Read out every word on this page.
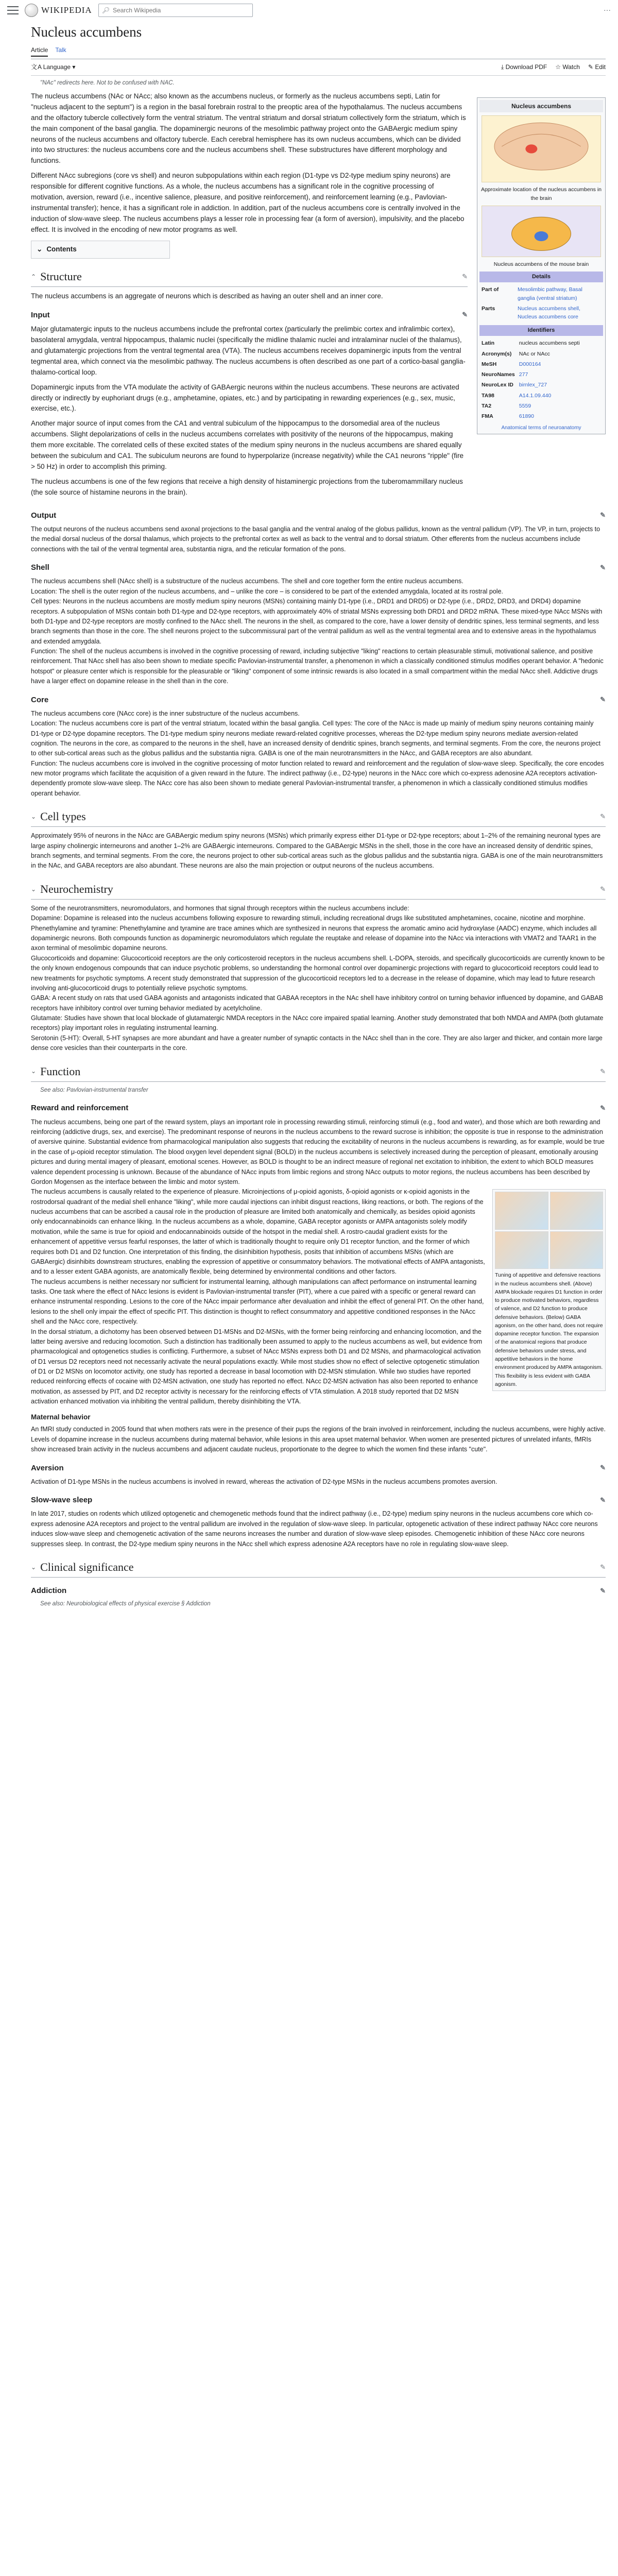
WIKIPEDIA 🔎︎
Search Wikipedia	···
Nucleus accumbens
Article Talk
文 A Language ▾	⤓ Download PDF ☆ Watch ✎ Edit
"NAc" redirects here. Not to be confused with NAC.

The nucleus accumbens (NAc or NAcc; also known as the accumbens nucleus, or formerly as the nucleus accumbens septi, Latin for "nucleus adjacent to the septum") is a region in the basal forebrain rostral to the preoptic area of the hypothalamus. The nucleus accumbens and the olfactory tubercle collectively form the ventral striatum. The ventral striatum and dorsal striatum collectively form the striatum, which is the main component of the basal ganglia. The dopaminergic neurons of the mesolimbic pathway project onto the GABAergic medium spiny neurons of the nucleus accumbens and olfactory tubercle. Each cerebral hemisphere has its own nucleus accumbens, which can be divided into two structures: the nucleus accumbens core and the nucleus accumbens shell. These substructures have different morphology and functions.

Different NAcc subregions (core vs shell) and neuron subpopulations within each region (D1-type vs D2-type medium spiny neurons) are responsible for different cognitive functions. As a whole, the nucleus accumbens has a significant role in the cognitive processing of motivation, aversion, reward (i.e., incentive salience, pleasure, and positive reinforcement), and reinforcement learning (e.g., Pavlovian-instrumental transfer); hence, it has a significant role in addiction. In addition, part of the nucleus accumbens core is centrally involved in the induction of slow-wave sleep. The nucleus accumbens plays a lesser role in processing fear (a form of aversion), impulsivity, and the placebo effect. It is involved in the encoding of new motor programs as well.

⌄ Contents
⌃ Structure	✎

The nucleus accumbens is an aggregate of neurons which is described as having an outer shell and an inner core.

Input	✎

Major glutamatergic inputs to the nucleus accumbens include the prefrontal cortex (particularly the prelimbic cortex and infralimbic cortex), basolateral amygdala, ventral hippocampus, thalamic nuclei (specifically the midline thalamic nuclei and intralaminar nuclei of the thalamus), and glutamatergic projections from the ventral tegmental area (VTA). The nucleus accumbens receives dopaminergic inputs from the ventral tegmental area, which connect via the mesolimbic pathway. The nucleus accumbens is often described as one part of a cortico-basal ganglia-thalamo-cortical loop.

Dopaminergic inputs from the VTA modulate the activity of GABAergic neurons within the nucleus accumbens. These neurons are activated directly or indirectly by euphoriant drugs (e.g., amphetamine, opiates, etc.) and by participating in rewarding experiences (e.g., sex, music, exercise, etc.).

Another major source of input comes from the CA1 and ventral subiculum of the hippocampus to the dorsomedial area of the nucleus accumbens. Slight depolarizations of cells in the nucleus accumbens correlates with positivity of the neurons of the hippocampus, making them more excitable. The correlated cells of these excited states of the medium spiny neurons in the nucleus accumbens are shared equally between the subiculum and CA1. The subiculum neurons are found to hyperpolarize (increase negativity) while the CA1 neurons "ripple" (fire > 50 Hz) in order to accomplish this priming.

The nucleus accumbens is one of the few regions that receive a high density of histaminergic projections from the tuberomammillary nucleus (the sole source of histamine neurons in the brain).

Nucleus accumbens
Approximate location of the nucleus accumbens in the brain
Nucleus accumbens of the mouse brain
Details
Part of	Mesolimbic pathway, Basal ganglia (ventral striatum)
Parts	Nucleus accumbens shell, Nucleus accumbens core
Identifiers
Latin	nucleus accumbens septi
Acronym(s)	NAc or NAcc
MeSH	D000164
NeuroNames	277
NeuroLex ID	birnlex_727
TA98	A14.1.09.440
TA2	5559
FMA	61890
Anatomical terms of neuroanatomy
Output	✎

The output neurons of the nucleus accumbens send axonal projections to the basal ganglia and the ventral analog of the globus pallidus, known as the ventral pallidum (VP). The VP, in turn, projects to the medial dorsal nucleus of the dorsal thalamus, which projects to the prefrontal cortex as well as back to the ventral and to dorsal striatum. Other efferents from the nucleus accumbens include connections with the tail of the ventral tegmental area, substantia nigra, and the reticular formation of the pons.

Shell	✎

The nucleus accumbens shell (NAcc shell) is a substructure of the nucleus accumbens. The shell and core together form the entire nucleus accumbens.

Location: The shell is the outer region of the nucleus accumbens, and – unlike the core – is considered to be part of the extended amygdala, located at its rostral pole.

Cell types: Neurons in the nucleus accumbens are mostly medium spiny neurons (MSNs) containing mainly D1-type (i.e., DRD1 and DRD5) or D2-type (i.e., DRD2, DRD3, and DRD4) dopamine receptors. A subpopulation of MSNs contain both D1-type and D2-type receptors, with approximately 40% of striatal MSNs expressing both DRD1 and DRD2 mRNA. These mixed-type NAcc MSNs with both D1-type and D2-type receptors are mostly confined to the NAcc shell. The neurons in the shell, as compared to the core, have a lower density of dendritic spines, less terminal segments, and less branch segments than those in the core. The shell neurons project to the subcommissural part of the ventral pallidum as well as the ventral tegmental area and to extensive areas in the hypothalamus and extended amygdala.

Function: The shell of the nucleus accumbens is involved in the cognitive processing of reward, including subjective "liking" reactions to certain pleasurable stimuli, motivational salience, and positive reinforcement. That NAcc shell has also been shown to mediate specific Pavlovian-instrumental transfer, a phenomenon in which a classically conditioned stimulus modifies operant behavior. A "hedonic hotspot" or pleasure center which is responsible for the pleasurable or "liking" component of some intrinsic rewards is also located in a small compartment within the medial NAcc shell. Addictive drugs have a larger effect on dopamine release in the shell than in the core.

Core	✎

The nucleus accumbens core (NAcc core) is the inner substructure of the nucleus accumbens.

Location: The nucleus accumbens core is part of the ventral striatum, located within the basal ganglia. Cell types: The core of the NAcc is made up mainly of medium spiny neurons containing mainly D1-type or D2-type dopamine receptors. The D1-type medium spiny neurons mediate reward-related cognitive processes, whereas the D2-type medium spiny neurons mediate aversion-related cognition. The neurons in the core, as compared to the neurons in the shell, have an increased density of dendritic spines, branch segments, and terminal segments. From the core, the neurons project to other sub-cortical areas such as the globus pallidus and the substantia nigra. GABA is one of the main neurotransmitters in the NAcc, and GABA receptors are also abundant.

Function: The nucleus accumbens core is involved in the cognitive processing of motor function related to reward and reinforcement and the regulation of slow-wave sleep. Specifically, the core encodes new motor programs which facilitate the acquisition of a given reward in the future. The indirect pathway (i.e., D2-type) neurons in the NAcc core which co-express adenosine A2A receptors activation-dependently promote slow-wave sleep. The NAcc core has also been shown to mediate general Pavlovian-instrumental transfer, a phenomenon in which a classically conditioned stimulus modifies operant behavior.

⌄ Cell types	✎

Approximately 95% of neurons in the NAcc are GABAergic medium spiny neurons (MSNs) which primarily express either D1-type or D2-type receptors; about 1–2% of the remaining neuronal types are large aspiny cholinergic interneurons and another 1–2% are GABAergic interneurons. Compared to the GABAergic MSNs in the shell, those in the core have an increased density of dendritic spines, branch segments, and terminal segments. From the core, the neurons project to other sub-cortical areas such as the globus pallidus and the substantia nigra. GABA is one of the main neurotransmitters in the NAc, and GABA receptors are also abundant. These neurons are also the main projection or output neurons of the nucleus accumbens.

⌄ Neurochemistry	✎

Some of the neurotransmitters, neuromodulators, and hormones that signal through receptors within the nucleus accumbens include:

Dopamine: Dopamine is released into the nucleus accumbens following exposure to rewarding stimuli, including recreational drugs like substituted amphetamines, cocaine, nicotine and morphine.

Phenethylamine and tyramine: Phenethylamine and tyramine are trace amines which are synthesized in neurons that express the aromatic amino acid hydroxylase (AADC) enzyme, which includes all dopaminergic neurons. Both compounds function as dopaminergic neuromodulators which regulate the reuptake and release of dopamine into the NAcc via interactions with VMAT2 and TAAR1 in the axon terminal of mesolimbic dopamine neurons.

Glucocorticoids and dopamine: Glucocorticoid receptors are the only corticosteroid receptors in the nucleus accumbens shell. L-DOPA, steroids, and specifically glucocorticoids are currently known to be the only known endogenous compounds that can induce psychotic problems, so understanding the hormonal control over dopaminergic projections with regard to glucocorticoid receptors could lead to new treatments for psychotic symptoms. A recent study demonstrated that suppression of the glucocorticoid receptors led to a decrease in the release of dopamine, which may lead to future research involving anti-glucocorticoid drugs to potentially relieve psychotic symptoms.

GABA: A recent study on rats that used GABA agonists and antagonists indicated that GABAA receptors in the NAc shell have inhibitory control on turning behavior influenced by dopamine, and GABAB receptors have inhibitory control over turning behavior mediated by acetylcholine.

Glutamate: Studies have shown that local blockade of glutamatergic NMDA receptors in the NAcc core impaired spatial learning. Another study demonstrated that both NMDA and AMPA (both glutamate receptors) play important roles in regulating instrumental learning.

Serotonin (5-HT): Overall, 5-HT synapses are more abundant and have a greater number of synaptic contacts in the NAcc shell than in the core. They are also larger and thicker, and contain more large dense core vesicles than their counterparts in the core.

⌄ Function	✎
See also: Pavlovian-instrumental transfer
Reward and reinforcement	✎

The nucleus accumbens, being one part of the reward system, plays an important role in processing rewarding stimuli, reinforcing stimuli (e.g., food and water), and those which are both rewarding and reinforcing (addictive drugs, sex, and exercise). The predominant response of neurons in the nucleus accumbens to the reward sucrose is inhibition; the opposite is true in response to the administration of aversive quinine. Substantial evidence from pharmacological manipulation also suggests that reducing the excitability of neurons in the nucleus accumbens is rewarding, as for example, would be true in the case of μ-opioid receptor stimulation. The blood oxygen level dependent signal (BOLD) in the nucleus accumbens is selectively increased during the perception of pleasant, emotionally arousing pictures and during mental imagery of pleasant, emotional scenes. However, as BOLD is thought to be an indirect measure of regional net excitation to inhibition, the extent to which BOLD measures valence dependent processing is unknown. Because of the abundance of NAcc inputs from limbic regions and strong NAcc outputs to motor regions, the nucleus accumbens has been described by Gordon Mogensen as the interface between the limbic and motor system.

Tuning of appetitive and defensive reactions in the nucleus accumbens shell. (Above) AMPA blockade requires D1 function in order to produce motivated behaviors, regardless of valence, and D2 function to produce defensive behaviors. (Below) GABA agonism, on the other hand, does not require dopamine receptor function. The expansion of the anatomical regions that produce defensive behaviors under stress, and appetitive behaviors in the home environment produced by AMPA antagonism. This flexibility is less evident with GABA agonism.

The nucleus accumbens is causally related to the experience of pleasure. Microinjections of μ-opioid agonists, δ-opioid agonists or κ-opioid agonists in the rostrodorsal quadrant of the medial shell enhance "liking", while more caudal injections can inhibit disgust reactions, liking reactions, or both. The regions of the nucleus accumbens that can be ascribed a causal role in the production of pleasure are limited both anatomically and chemically, as besides opioid agonists only endocannabinoids can enhance liking. In the nucleus accumbens as a whole, dopamine, GABA receptor agonists or AMPA antagonists solely modify motivation, while the same is true for opioid and endocannabinoids outside of the hotspot in the medial shell. A rostro-caudal gradient exists for the enhancement of appetitive versus fearful responses, the latter of which is traditionally thought to require only D1 receptor function, and the former of which requires both D1 and D2 function. One interpretation of this finding, the disinhibition hypothesis, posits that inhibition of accumbens MSNs (which are GABAergic) disinhibits downstream structures, enabling the expression of appetitive or consummatory behaviors. The motivational effects of AMPA antagonists, and to a lesser extent GABA agonists, are anatomically flexible, being determined by environmental conditions and other factors.

The nucleus accumbens is neither necessary nor sufficient for instrumental learning, although manipulations can affect performance on instrumental learning tasks. One task where the effect of NAcc lesions is evident is Pavlovian-instrumental transfer (PIT), where a cue paired with a specific or general reward can enhance instrumental responding. Lesions to the core of the NAcc impair performance after devaluation and inhibit the effect of general PIT. On the other hand, lesions to the shell only impair the effect of specific PIT. This distinction is thought to reflect consummatory and appetitive conditioned responses in the NAcc shell and the NAcc core, respectively.

In the dorsal striatum, a dichotomy has been observed between D1-MSNs and D2-MSNs, with the former being reinforcing and enhancing locomotion, and the latter being aversive and reducing locomotion. Such a distinction has traditionally been assumed to apply to the nucleus accumbens as well, but evidence from pharmacological and optogenetics studies is conflicting. Furthermore, a subset of NAcc MSNs express both D1 and D2 MSNs, and pharmacological activation of D1 versus D2 receptors need not necessarily activate the neural populations exactly. While most studies show no effect of selective optogenetic stimulation of D1 or D2 MSNs on locomotor activity, one study has reported a decrease in basal locomotion with D2-MSN stimulation. While two studies have reported reduced reinforcing effects of cocaine with D2-MSN activation, one study has reported no effect. NAcc D2-MSN activation has also been reported to enhance motivation, as assessed by PIT, and D2 receptor activity is necessary for the reinforcing effects of VTA stimulation. A 2018 study reported that D2 MSN activation enhanced motivation via inhibiting the ventral pallidum, thereby disinhibiting the VTA.

Maternal behavior

An fMRI study conducted in 2005 found that when mothers rats were in the presence of their pups the regions of the brain involved in reinforcement, including the nucleus accumbens, were highly active. Levels of dopamine increase in the nucleus accumbens during maternal behavior, while lesions in this area upset maternal behavior. When women are presented pictures of unrelated infants, fMRIs show increased brain activity in the nucleus accumbens and adjacent caudate nucleus, proportionate to the degree to which the women find these infants "cute".

Aversion	✎

Activation of D1-type MSNs in the nucleus accumbens is involved in reward, whereas the activation of D2-type MSNs in the nucleus accumbens promotes aversion.

Slow-wave sleep	✎

In late 2017, studies on rodents which utilized optogenetic and chemogenetic methods found that the indirect pathway (i.e., D2-type) medium spiny neurons in the nucleus accumbens core which co-express adenosine A2A receptors and project to the ventral pallidum are involved in the regulation of slow-wave sleep. In particular, optogenetic activation of these indirect pathway NAcc core neurons induces slow-wave sleep and chemogenetic activation of the same neurons increases the number and duration of slow-wave sleep episodes. Chemogenetic inhibition of these NAcc core neurons suppresses sleep. In contrast, the D2-type medium spiny neurons in the NAcc shell which express adenosine A2A receptors have no role in regulating slow-wave sleep.

⌄ Clinical significance	✎
Addiction	✎
See also: Neurobiological effects of physical exercise § Addiction
